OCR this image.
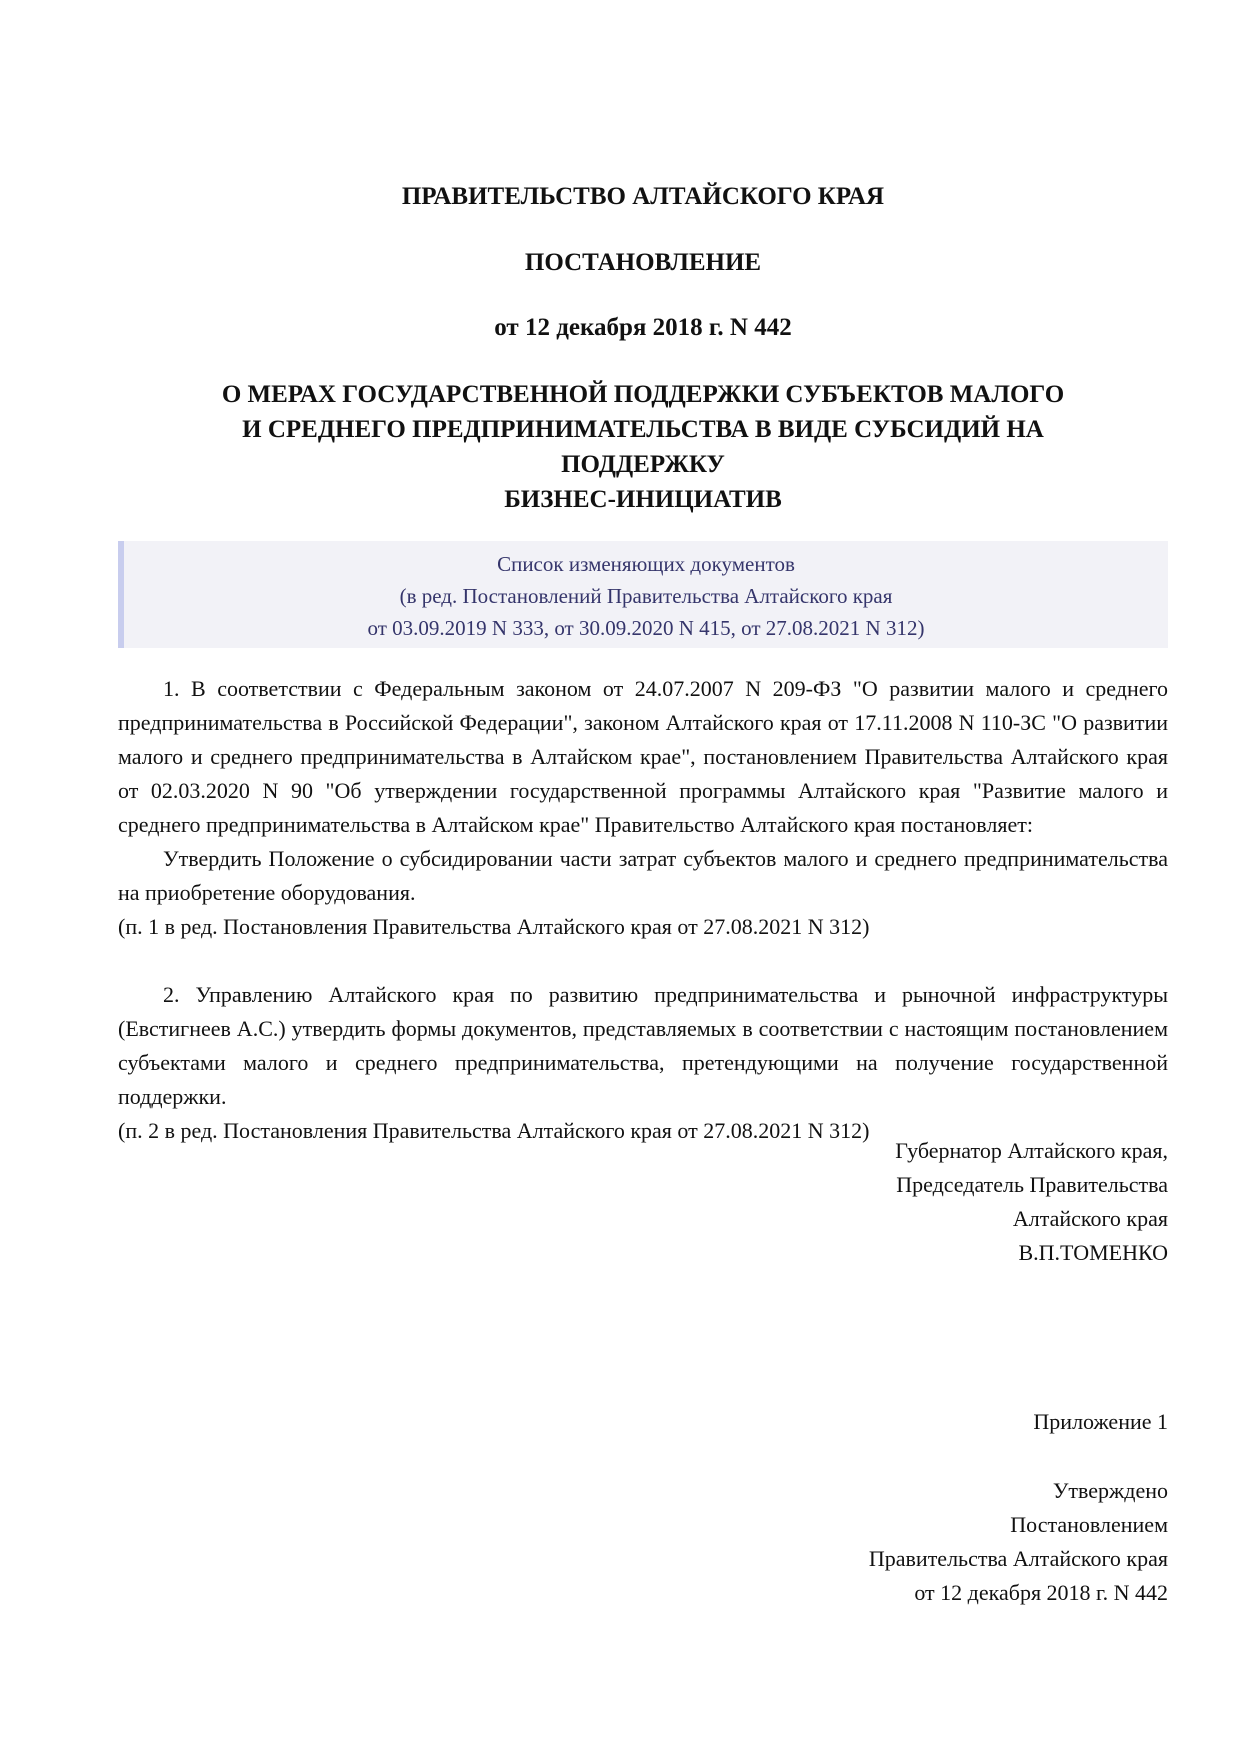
ПРАВИТЕЛЬСТВО АЛТАЙСКОГО КРАЯ

ПОСТАНОВЛЕНИЕ

от 12 декабря 2018 г. N 442

О МЕРАХ ГОСУДАРСТВЕННОЙ ПОДДЕРЖКИ СУБЪЕКТОВ МАЛОГО
И СРЕДНЕГО ПРЕДПРИНИМАТЕЛЬСТВА В ВИДЕ СУБСИДИЙ НА
ПОДДЕРЖКУ
БИЗНЕС-ИНИЦИАТИВ
Список изменяющих документов
(в ред. Постановлений Правительства Алтайского края
от 03.09.2019 N 333, от 30.09.2020 N 415, от 27.08.2021 N 312)

1. В соответствии с Федеральным законом от 24.07.2007 N 209-ФЗ "О развитии малого и среднего предпринимательства в Российской Федерации", законом Алтайского края от 17.11.2008 N 110-ЗС "О развитии малого и среднего предпринимательства в Алтайском крае", постановлением Правительства Алтайского края от 02.03.2020 N 90 "Об утверждении государственной программы Алтайского края "Развитие малого и среднего предпринимательства в Алтайском крае" Правительство Алтайского края постановляет:

Утвердить Положение о субсидировании части затрат субъектов малого и среднего предпринимательства на приобретение оборудования.

(п. 1 в ред. Постановления Правительства Алтайского края от 27.08.2021 N 312)

2. Управлению Алтайского края по развитию предпринимательства и рыночной инфраструктуры (Евстигнеев А.С.) утвердить формы документов, представляемых в соответствии с настоящим постановлением субъектами малого и среднего предпринимательства, претендующими на получение государственной поддержки.

(п. 2 в ред. Постановления Правительства Алтайского края от 27.08.2021 N 312)

Губернатор Алтайского края,
Председатель Правительства
Алтайского края
В.П.ТОМЕНКО
Приложение 1
Утверждено
Постановлением
Правительства Алтайского края
от 12 декабря 2018 г. N 442
